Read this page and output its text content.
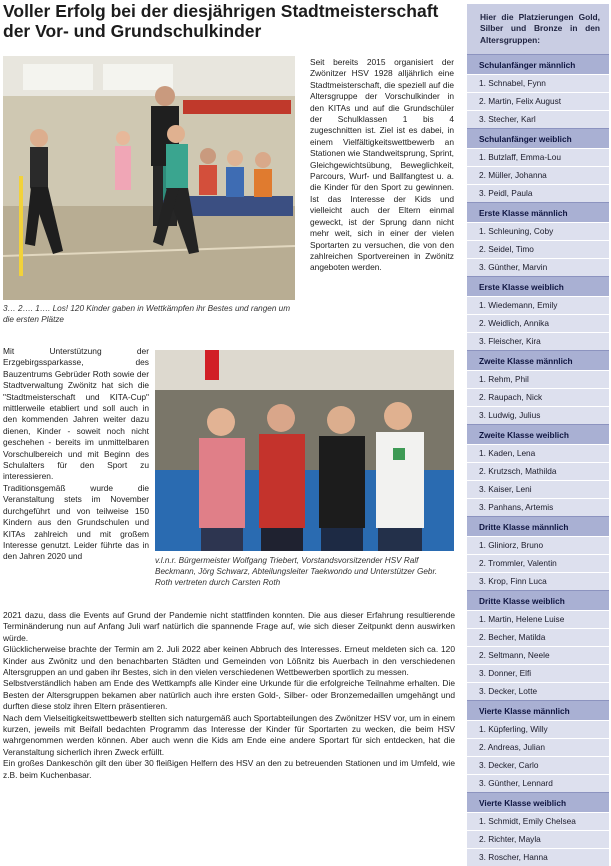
Voller Erfolg bei der diesjährigen Stadtmeisterschaft der Vor- und Grundschulkinder

3… 2…. 1…. Los! 120 Kinder gaben in Wettkämpfen ihr Bestes und rangen um die ersten Plätze

Seit bereits 2015 organisiert der Zwönitzer HSV 1928 alljährlich eine Stadtmeisterschaft, die speziell auf die Altersgruppe der Vorschulkinder in den KITAs und auf die Grundschüler der Schulklassen 1 bis 4 zugeschnitten ist. Ziel ist es dabei, in einem Vielfältigkeitswettbewerb an Stationen wie Standweitsprung, Sprint, Gleichgewichtsübung, Beweglichkeit, Parcours, Wurf- und Ballfangtest u. a. die Kinder für den Sport zu gewinnen. Ist das Interesse der Kids und vielleicht auch der Eltern einmal geweckt, ist der Sprung dann nicht mehr weit, sich in einer der vielen Sportarten zu versuchen, die von den zahlreichen Sportvereinen in Zwönitz angeboten werden.

Mit Unterstützung der Erzgebirgssparkasse, des Bauzentrums Gebrüder Roth sowie der Stadtverwaltung Zwönitz hat sich die "Stadtmeisterschaft und KITA-Cup" mittlerweile etabliert und soll auch in den kommenden Jahren weiter dazu dienen, Kinder - soweit noch nicht geschehen - bereits im unmittelbaren Vorschulbereich und mit Beginn des Schulalters für den Sport zu interessieren.

Traditionsgemäß wurde die Veranstaltung stets im November durchgeführt und von teilweise 150 Kindern aus den Grundschulen und KITAs zahlreich und mit großem Interesse genutzt. Leider führte das in den Jahren 2020 und	v.l.n.r. Bürgermeister Wolfgang Triebert, Vorstandsvorsitzender HSV Ralf Beckmann, Jörg Schwarz, Abteilungsleiter Taekwondo und Unterstützer Gebr. Roth vertreten durch Carsten Roth

2021 dazu, dass die Events auf Grund der Pandemie nicht stattfinden konnten. Die aus dieser Erfahrung resultierende Terminänderung nun auf Anfang Juli warf natürlich die spannende Frage auf, wie sich dieser Zeitpunkt denn auswirken würde.

Glücklicherweise brachte der Termin am 2. Juli 2022 aber keinen Abbruch des Interesses. Erneut meldeten sich ca. 120 Kinder aus Zwönitz und den benachbarten Städten und Gemeinden von Lößnitz bis Auerbach in den verschiedenen Altersgruppen an und gaben ihr Bestes, sich in den vielen verschiedenen Wettbewerben sportlich zu messen.

Selbstverständlich haben am Ende des Wettkampfs alle Kinder eine Urkunde für die erfolgreiche Teilnahme erhalten. Die Besten der Altersgruppen bekamen aber natürlich auch ihre ersten Gold-, Silber- oder Bronzemedaillen umgehängt und durften diese stolz ihren Eltern präsentieren.

Nach dem Vielseitigkeitswettbewerb stellten sich naturgemäß auch Sportabteilungen des Zwönitzer HSV vor, um in einem kurzen, jeweils mit Beifall bedachten Programm das Interesse der Kinder für Sportarten zu wecken, die beim HSV wahrgenommen werden können. Aber auch wenn die Kids am Ende eine andere Sportart für sich entdecken, hat die Veranstaltung sicherlich ihren Zweck erfüllt.

Ein großes Dankeschön gilt den über 30 fleißigen Helfern des HSV an den zu betreuenden Stationen und im Umfeld, wie z.B. beim Kuchenbasar.

Hier die Platzierungen Gold, Silber und Bronze in den Altersgruppen:
Schulanfänger männlich
1. Schnabel, Fynn
2. Martin, Felix August
3. Stecher, Karl
Schulanfänger weiblich
1. Butzlaff, Emma-Lou
2. Müller, Johanna
3. Peidl, Paula
Erste Klasse männlich
1. Schleuning, Coby
2. Seidel, Timo
3. Günther, Marvin
Erste Klasse weiblich
1. Wiedemann, Emily
2. Weidlich, Annika
3. Fleischer, Kira
Zweite Klasse männlich
1. Rehm, Phil
2. Raupach, Nick
3. Ludwig, Julius
Zweite Klasse weiblich
1. Kaden, Lena
2. Krutzsch, Mathilda
3. Kaiser, Leni
3. Panhans, Artemis
Dritte Klasse männlich
1. Gliniorz, Bruno
2. Trommler, Valentin
3. Krop, Finn Luca
Dritte Klasse weiblich
1. Martin, Helene Luise
2. Becher, Matilda
2. Seltmann, Neele
3. Donner, Elfi
3. Decker, Lotte
Vierte Klasse männlich
1. Küpferling, Willy
2. Andreas, Julian
3. Decker, Carlo
3. Günther, Lennard
Vierte Klasse weiblich
1. Schmidt, Emily Chelsea
2. Richter, Mayla
3. Roscher, Hanna
